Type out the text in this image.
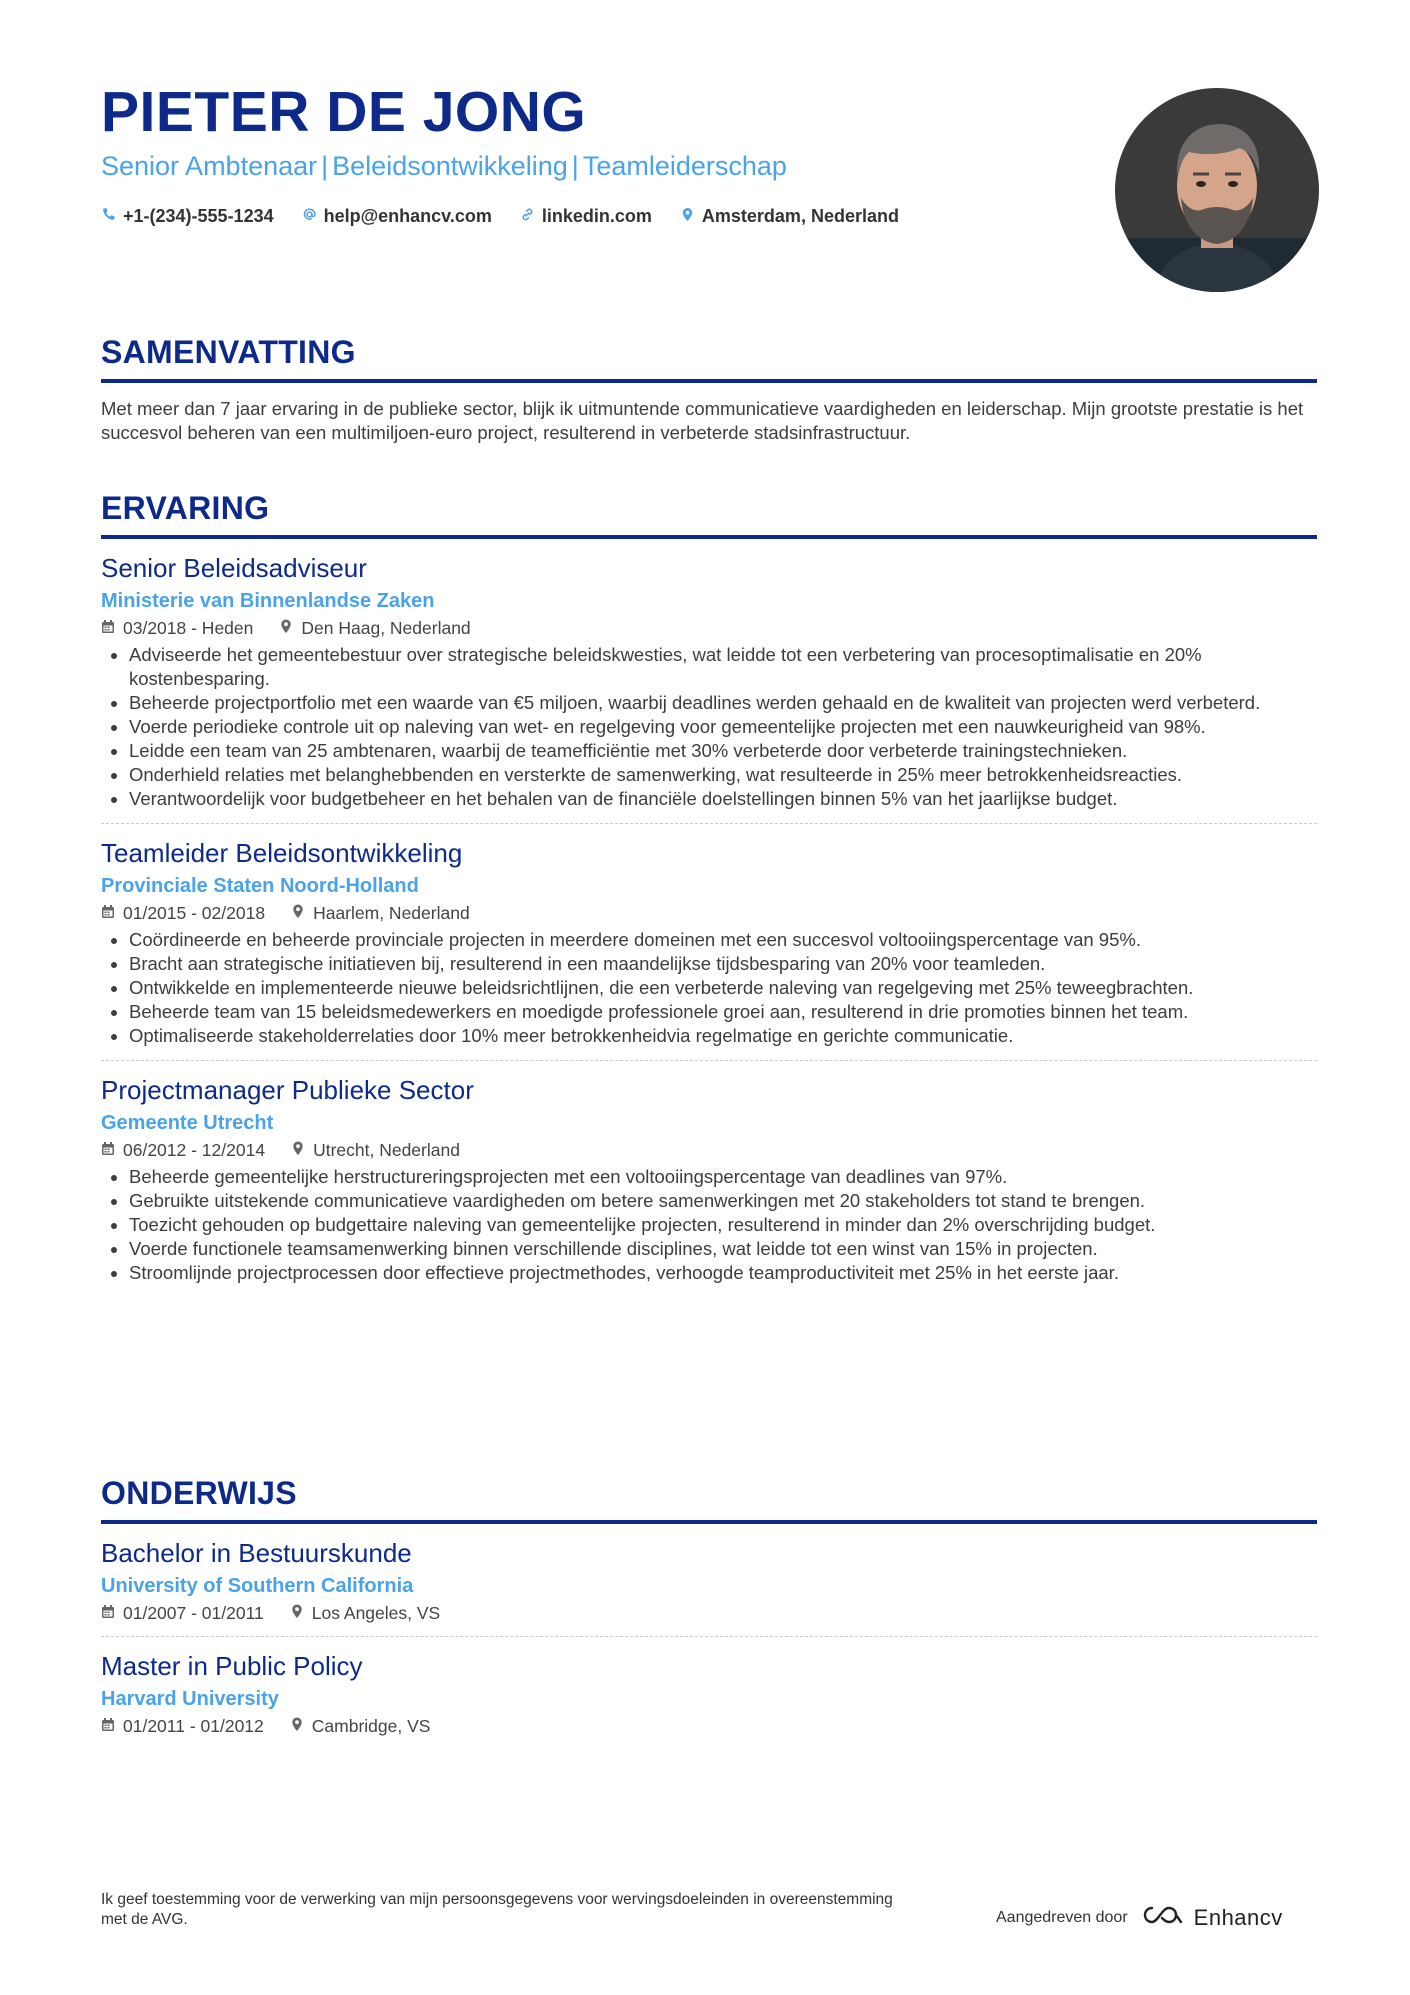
PIETER DE JONG
Senior Ambtenaar | Beleidsontwikkeling | Teamleiderschap
+1-(234)-555-1234	help@enhancv.com	linkedin.com	Amsterdam, Nederland
SAMENVATTING
Met meer dan 7 jaar ervaring in de publieke sector, blijk ik uitmuntende communicatieve vaardigheden en leiderschap. Mijn grootste prestatie is het succesvol beheren van een multimiljoen-euro project, resulterend in verbeterde stadsinfrastructuur.
ERVARING
Senior Beleidsadviseur
Ministerie van Binnenlandse Zaken
03/2018 - Heden	Den Haag, Nederland
• Adviseerde het gemeentebestuur over strategische beleidskwesties, wat leidde tot een verbetering van procesoptimalisatie en 20% kostenbesparing.
• Beheerde projectportfolio met een waarde van €5 miljoen, waarbij deadlines werden gehaald en de kwaliteit van projecten werd verbeterd.
• Voerde periodieke controle uit op naleving van wet- en regelgeving voor gemeentelijke projecten met een nauwkeurigheid van 98%.
• Leidde een team van 25 ambtenaren, waarbij de teamefficiëntie met 30% verbeterde door verbeterde trainingstechnieken.
• Onderhield relaties met belanghebbenden en versterkte de samenwerking, wat resulteerde in 25% meer betrokkenheidsreacties.
• Verantwoordelijk voor budgetbeheer en het behalen van de financiële doelstellingen binnen 5% van het jaarlijkse budget.
Teamleider Beleidsontwikkeling
Provinciale Staten Noord-Holland
01/2015 - 02/2018	Haarlem, Nederland
• Coördineerde en beheerde provinciale projecten in meerdere domeinen met een succesvol voltooiingspercentage van 95%.
• Bracht aan strategische initiatieven bij, resulterend in een maandelijkse tijdsbesparing van 20% voor teamleden.
• Ontwikkelde en implementeerde nieuwe beleidsrichtlijnen, die een verbeterde naleving van regelgeving met 25% teweegbrachten.
• Beheerde team van 15 beleidsmedewerkers en moedigde professionele groei aan, resulterend in drie promoties binnen het team.
• Optimaliseerde stakeholderrelaties door 10% meer betrokkenheidvia regelmatige en gerichte communicatie.
Projectmanager Publieke Sector
Gemeente Utrecht
06/2012 - 12/2014	Utrecht, Nederland
• Beheerde gemeentelijke herstructureringsprojecten met een voltooiingspercentage van deadlines van 97%.
• Gebruikte uitstekende communicatieve vaardigheden om betere samenwerkingen met 20 stakeholders tot stand te brengen.
• Toezicht gehouden op budgettaire naleving van gemeentelijke projecten, resulterend in minder dan 2% overschrijding budget.
• Voerde functionele teamsamenwerking binnen verschillende disciplines, wat leidde tot een winst van 15% in projecten.
• Stroomlijnde projectprocessen door effectieve projectmethodes, verhoogde teamproductiviteit met 25% in het eerste jaar.
ONDERWIJS
Bachelor in Bestuurskunde
University of Southern California
01/2007 - 01/2011	Los Angeles, VS
Master in Public Policy
Harvard University
01/2011 - 01/2012	Cambridge, VS
Ik geef toestemming voor de verwerking van mijn persoonsgegevens voor wervingsdoeleinden in overeenstemming met de AVG.	Aangedreven door	Enhancv
